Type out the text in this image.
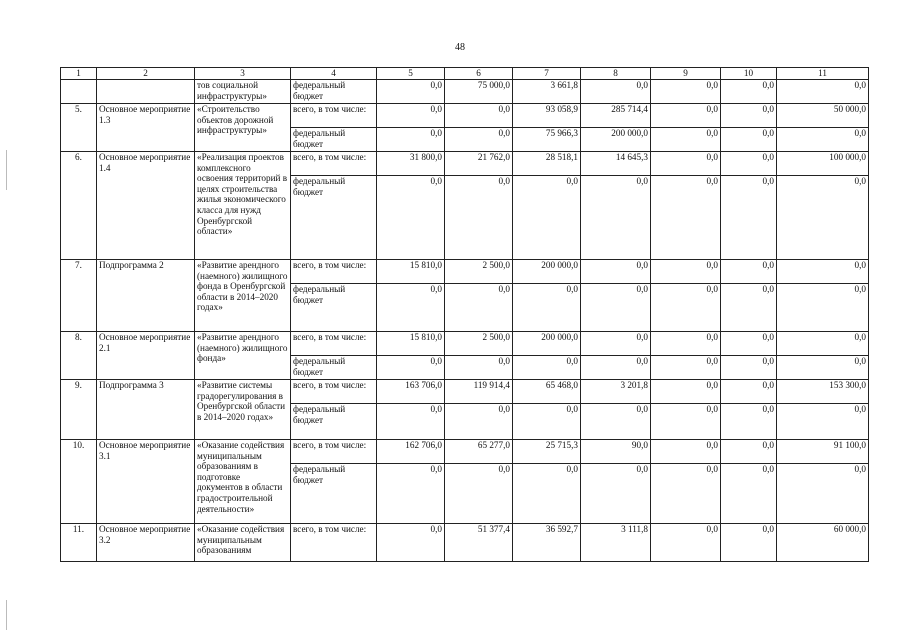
48
1	2	3	4	5	6	7	8	9	10	11
		тов социальной инфраструктуры»	федеральный бюджет	0,0	75 000,0	3 661,8	0,0	0,0	0,0	0,0
5.	Основное мероприятие 1.3	«Строительство объектов дорожной инфраструктуры»	всего, в том числе:	0,0	0,0	93 058,9	285 714,4	0,0	0,0	50 000,0
			федеральный бюджет	0,0	0,0	75 966,3	200 000,0	0,0	0,0	0,0
6.	Основное мероприятие 1.4	«Реализация проектов комплексного освоения территорий в целях строительства жилья экономического класса для нужд Оренбургской области»	всего, в том числе:	31 800,0	21 762,0	28 518,1	14 645,3	0,0	0,0	100 000,0
			федеральный бюджет	0,0	0,0	0,0	0,0	0,0	0,0	0,0
7.	Подпрограмма 2	«Развитие арендного (наемного) жилищного фонда в Оренбургской области в 2014–2020 годах»	всего, в том числе:	15 810,0	2 500,0	200 000,0	0,0	0,0	0,0	0,0
			федеральный бюджет	0,0	0,0	0,0	0,0	0,0	0,0	0,0
8.	Основное мероприятие 2.1	«Развитие арендного (наемного) жилищного фонда»	всего, в том числе:	15 810,0	2 500,0	200 000,0	0,0	0,0	0,0	0,0
			федеральный бюджет	0,0	0,0	0,0	0,0	0,0	0,0	0,0
9.	Подпрограмма 3	«Развитие системы градорегулирования в Оренбургской области в 2014–2020 годах»	всего, в том числе:	163 706,0	119 914,4	65 468,0	3 201,8	0,0	0,0	153 300,0
			федеральный бюджет	0,0	0,0	0,0	0,0	0,0	0,0	0,0
10.	Основное мероприятие 3.1	«Оказание содействия муниципальным образованиям в подготовке документов в области градостроительной деятельности»	всего, в том числе:	162 706,0	65 277,0	25 715,3	90,0	0,0	0,0	91 100,0
			федеральный бюджет	0,0	0,0	0,0	0,0	0,0	0,0	0,0
11.	Основное мероприятие 3.2	«Оказание содействия муниципальным образованиям	всего, в том числе:	0,0	51 377,4	36 592,7	3 111,8	0,0	0,0	60 000,0
